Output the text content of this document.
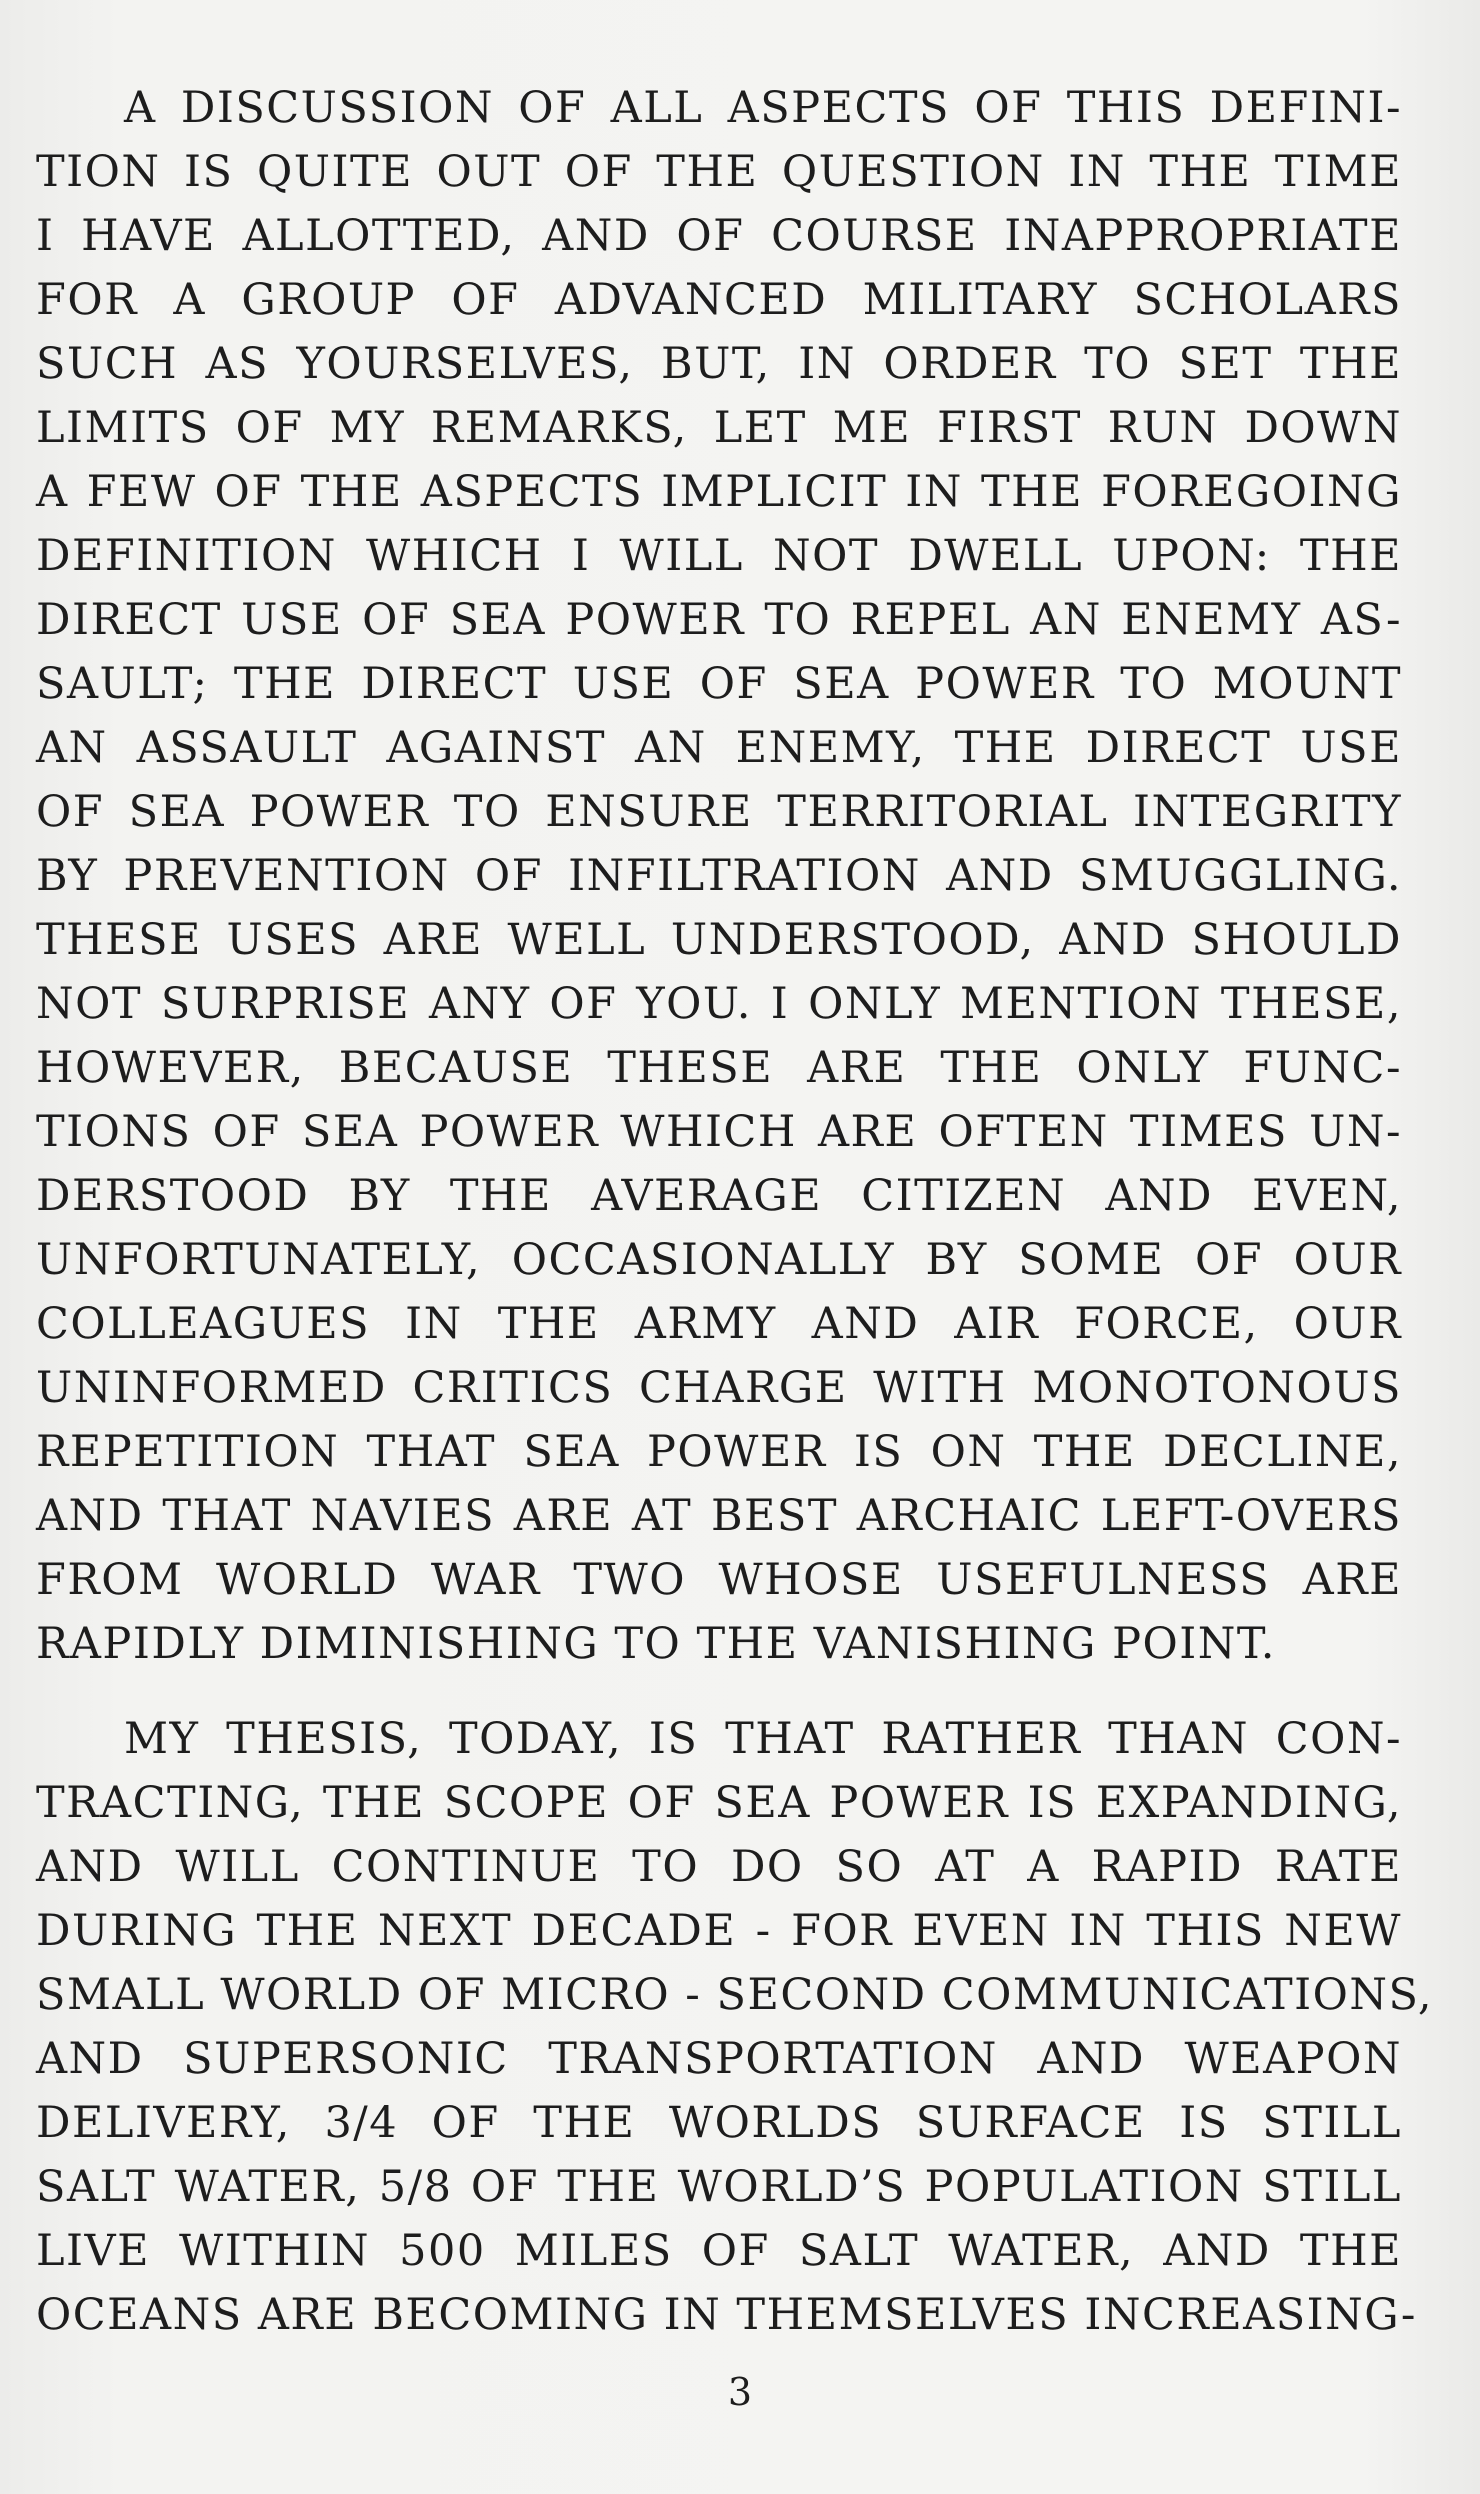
A DISCUSSION OF ALL ASPECTS OF THIS DEFINI-
TION IS QUITE OUT OF THE QUESTION IN THE TIME
I HAVE ALLOTTED, AND OF COURSE INAPPROPRIATE
FOR A GROUP OF ADVANCED MILITARY SCHOLARS
SUCH AS YOURSELVES, BUT, IN ORDER TO SET THE
LIMITS OF MY REMARKS, LET ME FIRST RUN DOWN
A FEW OF THE ASPECTS IMPLICIT IN THE FOREGOING
DEFINITION WHICH I WILL NOT DWELL UPON: THE
DIRECT USE OF SEA POWER TO REPEL AN ENEMY AS-
SAULT; THE DIRECT USE OF SEA POWER TO MOUNT
AN ASSAULT AGAINST AN ENEMY, THE DIRECT USE
OF SEA POWER TO ENSURE TERRITORIAL INTEGRITY
BY PREVENTION OF INFILTRATION AND SMUGGLING.
THESE USES ARE WELL UNDERSTOOD, AND SHOULD
NOT SURPRISE ANY OF YOU. I ONLY MENTION THESE,
HOWEVER, BECAUSE THESE ARE THE ONLY FUNC-
TIONS OF SEA POWER WHICH ARE OFTEN TIMES UN-
DERSTOOD BY THE AVERAGE CITIZEN AND EVEN,
UNFORTUNATELY, OCCASIONALLY BY SOME OF OUR
COLLEAGUES IN THE ARMY AND AIR FORCE, OUR
UNINFORMED CRITICS CHARGE WITH MONOTONOUS
REPETITION THAT SEA POWER IS ON THE DECLINE,
AND THAT NAVIES ARE AT BEST ARCHAIC LEFT-OVERS
FROM WORLD WAR TWO WHOSE USEFULNESS ARE
RAPIDLY DIMINISHING TO THE VANISHING POINT.
MY THESIS, TODAY, IS THAT RATHER THAN CON-
TRACTING, THE SCOPE OF SEA POWER IS EXPANDING,
AND WILL CONTINUE TO DO SO AT A RAPID RATE
DURING THE NEXT DECADE - FOR EVEN IN THIS NEW
SMALL WORLD OF MICRO - SECOND COMMUNICATIONS,
AND SUPERSONIC TRANSPORTATION AND WEAPON
DELIVERY, 3/4 OF THE WORLDS SURFACE IS STILL
SALT WATER, 5/8 OF THE WORLD’S POPULATION STILL
LIVE WITHIN 500 MILES OF SALT WATER, AND THE
OCEANS ARE BECOMING IN THEMSELVES INCREASING-
3
